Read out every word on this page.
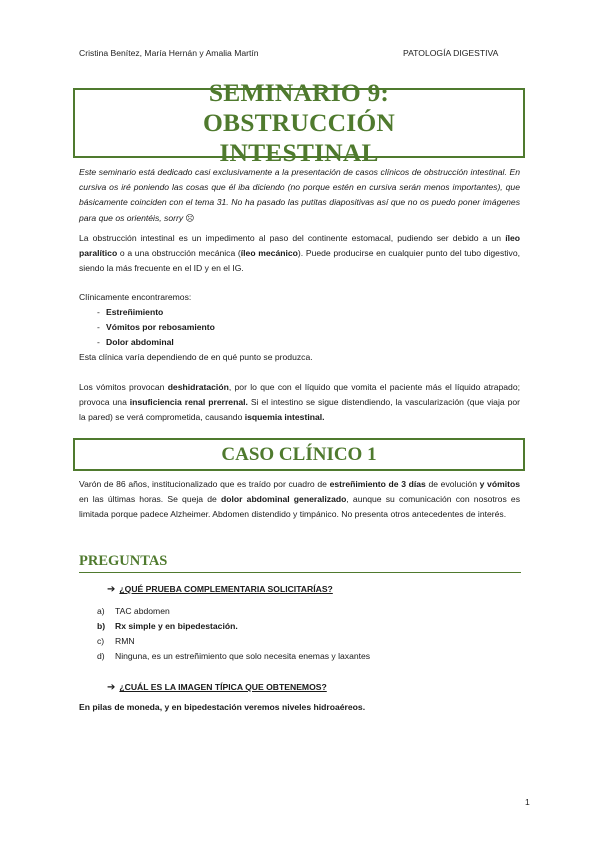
Cristina Benítez, María Hernán y Amalia Martín	PATOLOGÍA DIGESTIVA
SEMINARIO 9: OBSTRUCCIÓN INTESTINAL
Este seminario está dedicado casi exclusivamente a la presentación de casos clínicos de obstrucción intestinal. En cursiva os iré poniendo las cosas que él iba diciendo (no porque estén en cursiva serán menos importantes), que básicamente coinciden con el tema 31. No ha pasado las putitas diapositivas así que no os puedo poner imágenes para que os orientéis, sorry ☹
La obstrucción intestinal es un impedimento al paso del continente estomacal, pudiendo ser debido a un íleo paralítico o a una obstrucción mecánica (íleo mecánico). Puede producirse en cualquier punto del tubo digestivo, siendo la más frecuente en el ID y en el IG.
Clínicamente encontraremos:
- Estreñimiento
- Vómitos por rebosamiento
- Dolor abdominal
Esta clínica varía dependiendo de en qué punto se produzca.
Los vómitos provocan deshidratación, por lo que con el líquido que vomita el paciente más el líquido atrapado; provoca una insuficiencia renal prerrenal. Si el intestino se sigue distendiendo, la vascularización (que viaja por la pared) se verá comprometida, causando isquemia intestinal.
CASO CLÍNICO 1
Varón de 86 años, institucionalizado que es traído por cuadro de estreñimiento de 3 días de evolución y vómitos en las últimas horas. Se queja de dolor abdominal generalizado, aunque su comunicación con nosotros es limitada porque padece Alzheimer. Abdomen distendido y timpánico. No presenta otros antecedentes de interés.
PREGUNTAS
➔ ¿QUÉ PRUEBA COMPLEMENTARIA SOLICITARÍAS?
a) TAC abdomen
b) Rx simple y en bipedestación.
c) RMN
d) Ninguna, es un estreñimiento que solo necesita enemas y laxantes
➔ ¿CUÁL ES LA IMAGEN TÍPICA QUE OBTENEMOS?
En pilas de moneda, y en bipedestación veremos niveles hidroaéreos.
1
